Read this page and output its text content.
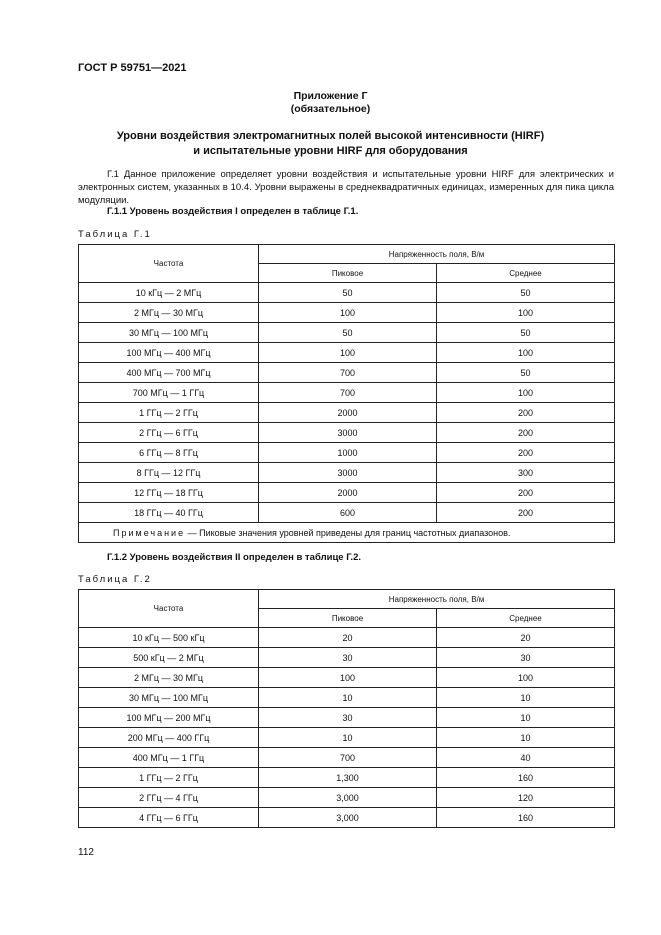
ГОСТ Р 59751—2021
Приложение Г
(обязательное)
Уровни воздействия электромагнитных полей высокой интенсивности (HIRF)
и испытательные уровни HIRF для оборудования
Г.1 Данное приложение определяет уровни воздействия и испытательные уровни HIRF для электрических и электронных систем, указанных в 10.4. Уровни выражены в среднеквадратичных единицах, измеренных для пика цикла модуляции.
Г.1.1 Уровень воздействия I определен в таблице Г.1.
Таблица Г.1
Частота	Напряженность поля, В/м	
	Пиковое	Среднее
10 кГц — 2 МГц	50	50
2 МГц — 30 МГц	100	100
30 МГц — 100 МГц	50	50
100 МГц — 400 МГц	100	100
400 МГц — 700 МГц	700	50
700 МГц — 1 ГГц	700	100
1 ГГц — 2 ГГц	2000	200
2 ГГц — 6 ГГц	3000	200
6 ГГц — 8 ГГц	1000	200
8 ГГц — 12 ГГц	3000	300
12 ГГц — 18 ГГц	2000	200
18 ГГц — 40 ГГц	600	200
Примечание — Пиковые значения уровней приведены для границ частотных диапазонов.		
Г.1.2 Уровень воздействия II определен в таблице Г.2.
Таблица Г.2
Частота	Напряженность поля, В/м	
	Пиковое	Среднее
10 кГц — 500 кГц	20	20
500 кГц — 2 МГц	30	30
2 МГц — 30 МГц	100	100
30 МГц — 100 МГц	10	10
100 МГц — 200 МГц	30	10
200 МГц — 400 ГГц	10	10
400 МГц — 1 ГГц	700	40
1 ГГц — 2 ГГц	1,300	160
2 ГГц — 4 ГГц	3,000	120
4 ГГц — 6 ГГц	3,000	160
112
